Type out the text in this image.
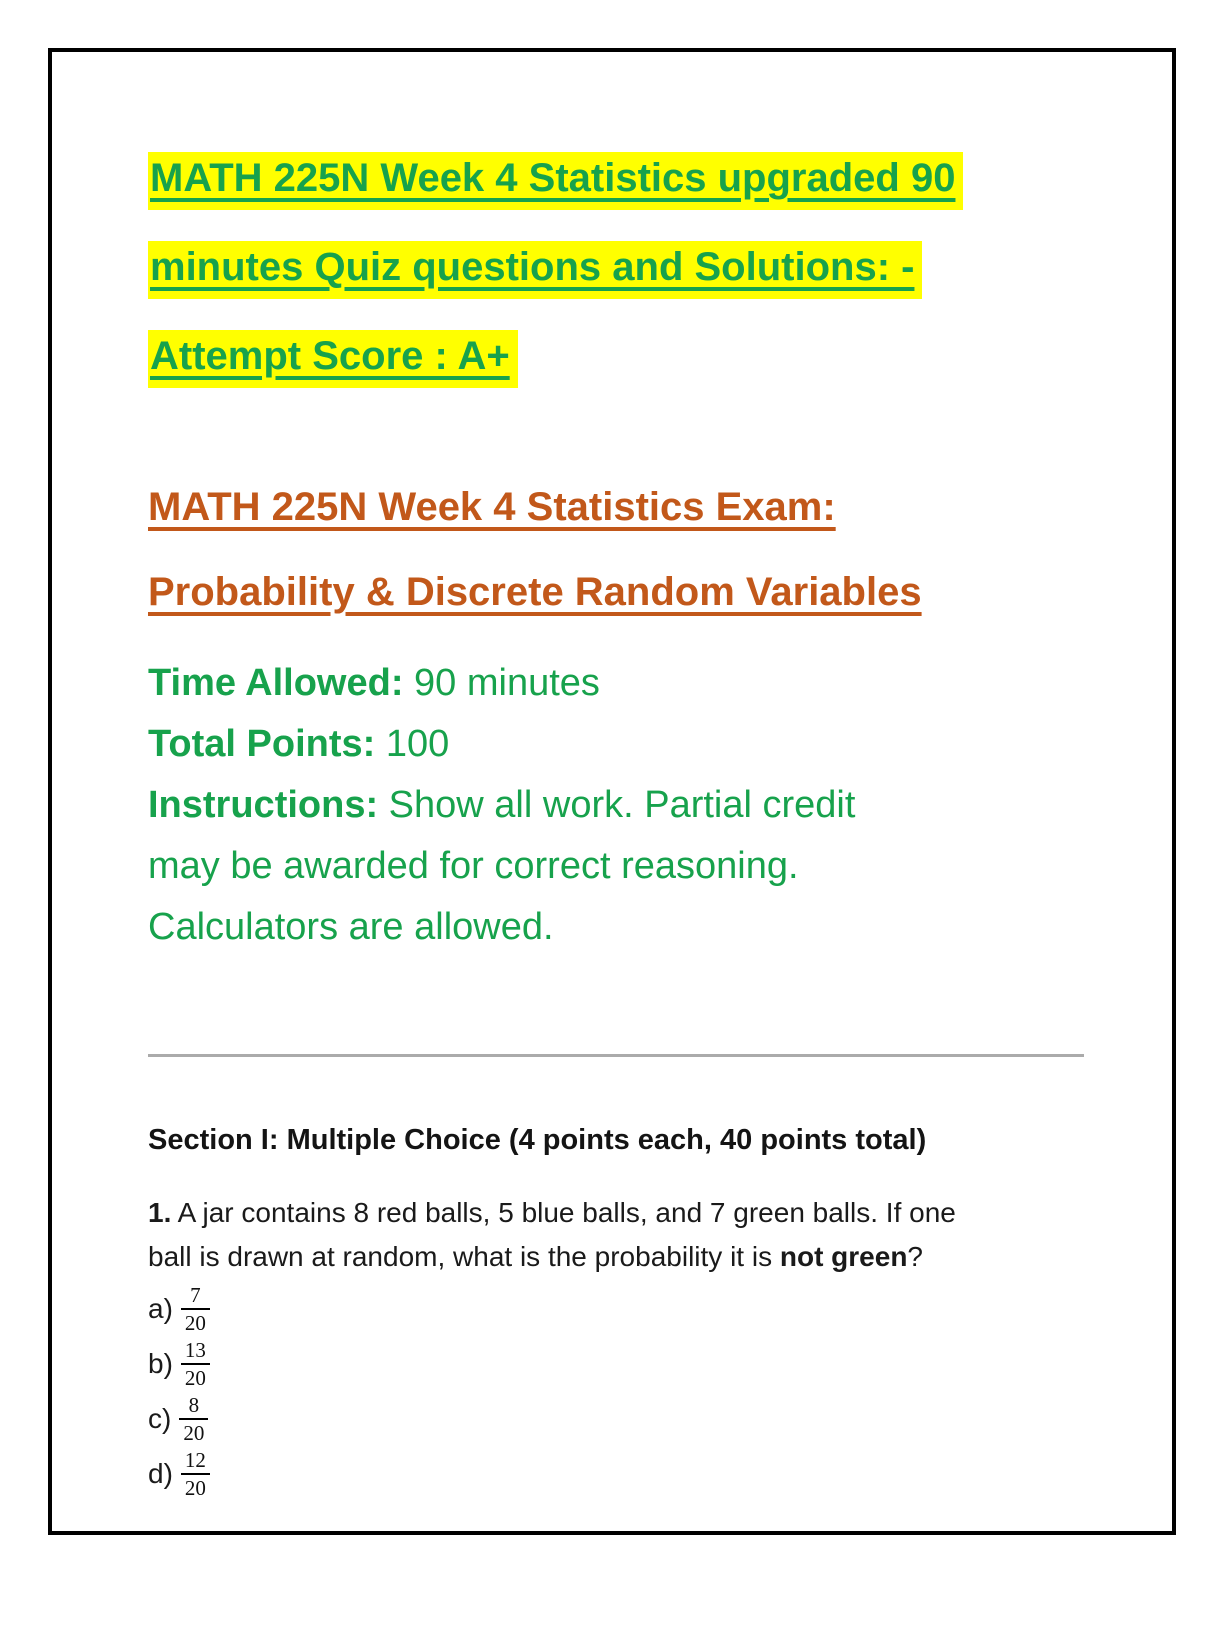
MATH 225N Week 4 Statistics upgraded 90
minutes Quiz questions and Solutions: -
Attempt Score : A+
MATH 225N Week 4 Statistics Exam:
Probability & Discrete Random Variables
Time Allowed: 90 minutes
Total Points: 100
Instructions: Show all work. Partial credit
may be awarded for correct reasoning.
Calculators are allowed.
Section I: Multiple Choice (4 points each, 40 points total)

1. A jar contains 8 red balls, 5 blue balls, and 7 green balls. If one
ball is drawn at random, what is the probability it is not green?

$a) \frac{7}{20}$
$b) \frac{13}{20}$
$c) \frac{8}{20}$
$d) \frac{12}{20}$
